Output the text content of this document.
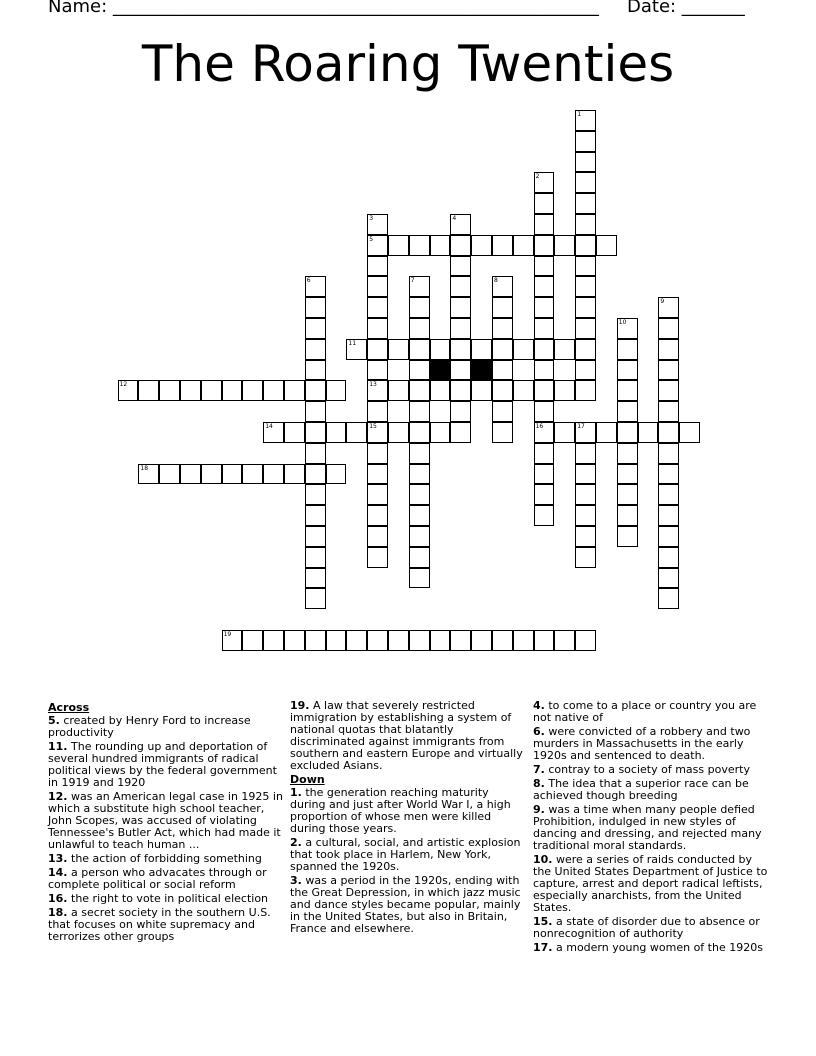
Name: ______________________________________________________ Date: _______
The Roaring Twenties
5
11
12	13
14	15	16	17
18
19
1
2
3	4
6	7	8
9
10
Across
5. created by Henry Ford to increase productivity
11. The rounding up and deportation of several hundred immigrants of radical political views by the federal government in 1919 and 1920
12. was an American legal case in 1925 in which a substitute high school teacher, John Scopes, was accused of violating Tennessee's Butler Act, which had made it unlawful to teach human ...
13. the action of forbidding something
14. a person who advacates through or complete political or social reform
16. the right to vote in political election
18. a secret society in the southern U.S. that focuses on white supremacy and terrorizes other groups
19. A law that severely restricted immigration by establishing a system of national quotas that blatantly discriminated against immigrants from southern and eastern Europe and virtually excluded Asians.
Down
1. the generation reaching maturity during and just after World War I, a high proportion of whose men were killed during those years.
2. a cultural, social, and artistic explosion that took place in Harlem, New York, spanned the 1920s.
3. was a period in the 1920s, ending with the Great Depression, in which jazz music and dance styles became popular, mainly in the United States, but also in Britain, France and elsewhere.
4. to come to a place or country you are not native of
6. were convicted of a robbery and two murders in Massachusetts in the early 1920s and sentenced to death.
7. contray to a society of mass poverty
8. The idea that a superior race can be achieved though breeding
9. was a time when many people defied Prohibition, indulged in new styles of dancing and dressing, and rejected many traditional moral standards.
10. were a series of raids conducted by the United States Department of Justice to capture, arrest and deport radical leftists, especially anarchists, from the United States.
15. a state of disorder due to absence or nonrecognition of authority
17. a modern young women of the 1920s
